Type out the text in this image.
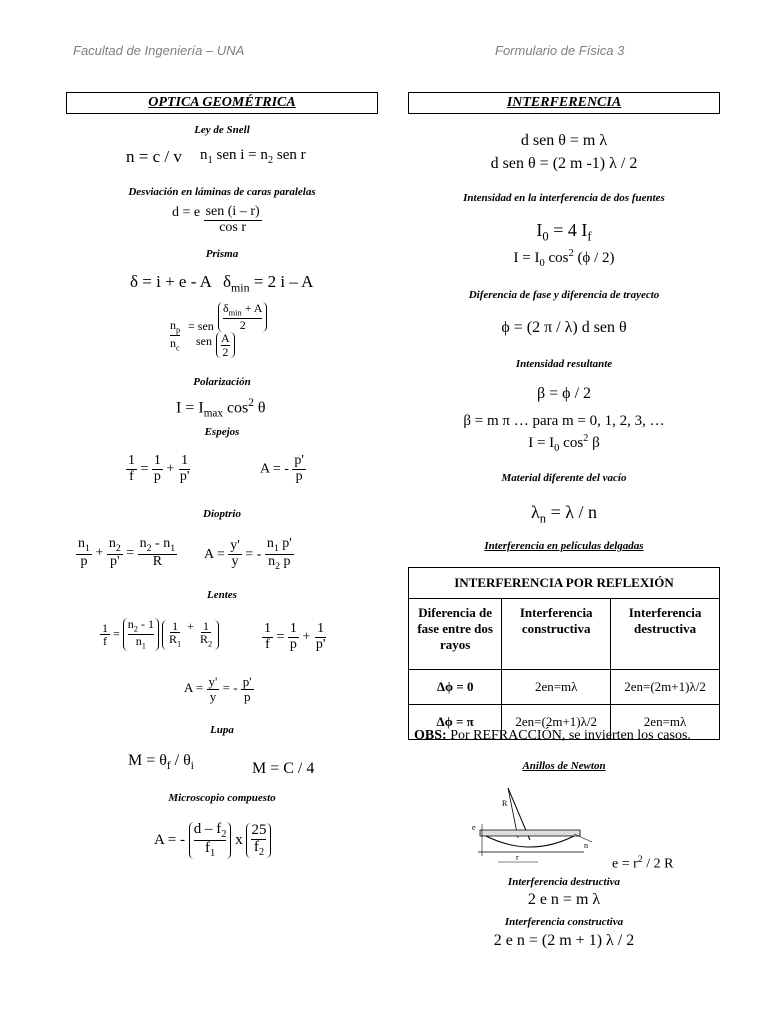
Facultad de Ingeniería – UNA	Formulario de Física 3
OPTICA GEOMÉTRICA
Ley de Snell
n = c / v $n_1$ sen $i = n_2$ sen r
Desviación en láminas de caras paralelas
d = e $\frac{\text{sen (i – r)}}{\text{cos r}}$
Prisma
δ = i + e - A $\delta_{min} = 2$ i – A
$n_p$
$n_c$
= sen
$\delta_{min} + A$
2
sen $\frac{A}{2}$
Polarización
$I = I_{max}$ $\cos^2 \theta$
Espejos
$\frac{1}{f} = \frac{1}{p} + \frac{1}{p'}$	A = - $\frac{p'}{p}$
Dioptrio
$\frac{n_1}{p} + \frac{n_2}{p'} = \frac{n_2 - n_1}{R}$ $A = \frac{y'}{y}$ = - $\frac{n_1 p'}{n_2 p}$
Lentes
$\frac{1}{f} = \frac{n_2 - 1}{n_1}$
$\frac{1}{R_1} + \frac{1}{R_2}$	$\frac{1}{f} = \frac{1}{p} + \frac{1}{p'}$
$A = \frac{y'}{y}$ = - $\frac{p'}{p}$
Lupa
$M = \theta_f / \theta_i$	M = C / 4
Microscopio compuesto
A = - $\frac{d - f_2}{f_1}$ x $\frac{25}{f_2}$
INTERFERENCIA
d sen θ = m λ
d sen θ = (2 m -1) λ / 2
Intensidad en la interferencia de dos fuentes
$I_0 = 4$ $I_f$
$I = I_0$ $\cos^2 (\phi / 2)$
Diferencia de fase y diferencia de trayecto
ϕ = (2 π / λ) d sen θ
Intensidad resultante
β = ϕ / 2
β = m π … para m = 0, 1, 2, 3, …
$I = I_0$ $\cos^2 \beta$
Material diferente del vacío
$\lambda_n = \lambda / n$
Interferencia en películas delgadas
INTERFERENCIA POR REFLEXIÓN		
Diferencia de fase entre dos rayos	Interferencia constructiva	Interferencia destructiva
Δϕ = 0	2en=mλ	2en=(2m+1)λ/2
Δϕ = π	2en=(2m+1)λ/2	2en=mλ
OBS: Por REFRACCIÓN, se invierten los casos.
Anillos de Newton
R
e
n
r	$e = r^2 / 2$ R
Interferencia destructiva
2 e n = m λ
Interferencia constructiva
2 e n = (2 m + 1) λ / 2
